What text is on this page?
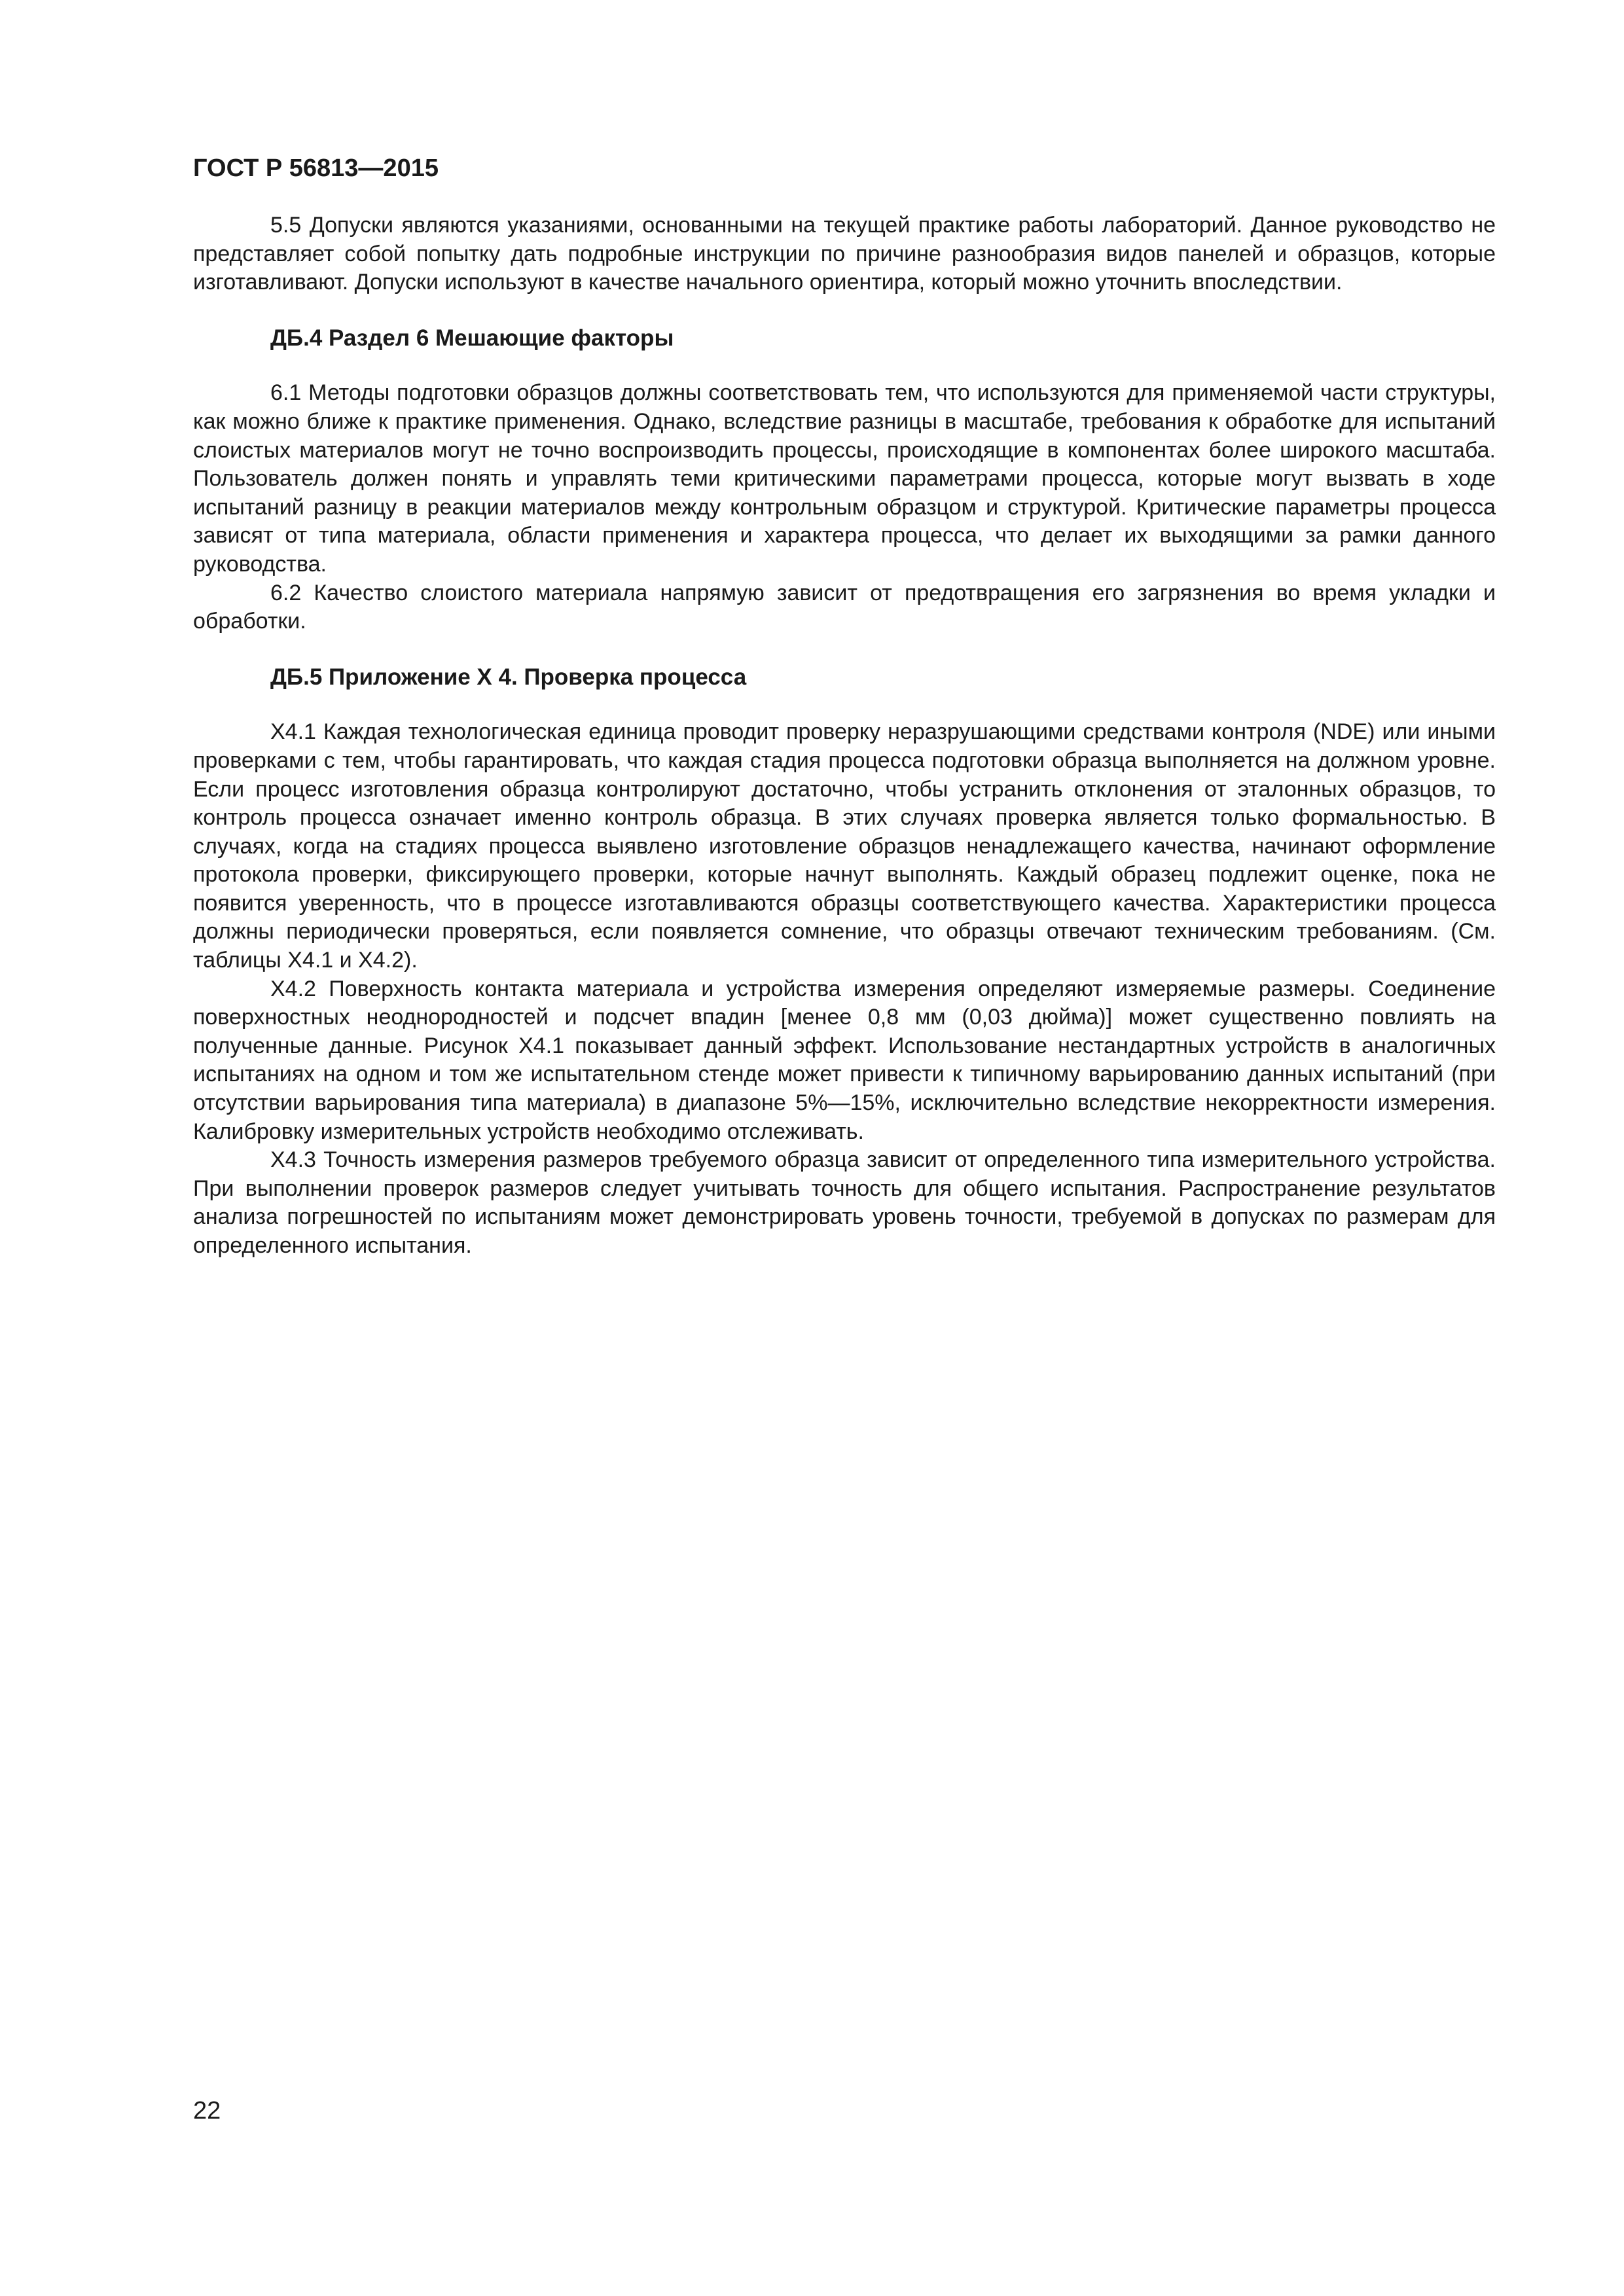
ГОСТ Р 56813—2015

5.5 Допуски являются указаниями, основанными на текущей практике работы лабораторий. Данное руководство не представляет собой попытку дать подробные инструкции по причине разнообразия видов панелей и образцов, которые изготавливают. Допуски используют в качестве начального ориентира, который можно уточнить впоследствии.

ДБ.4 Раздел 6 Мешающие факторы

6.1 Методы подготовки образцов должны соответствовать тем, что используются для применяемой части структуры, как можно ближе к практике применения. Однако, вследствие разницы в масштабе, требования к обработке для испытаний слоистых материалов могут не точно воспроизводить процессы, происходящие в компонентах более широкого масштаба. Пользователь должен понять и управлять теми критическими параметрами процесса, которые могут вызвать в ходе испытаний разницу в реакции материалов между контрольным образцом и структурой. Критические параметры процесса зависят от типа материала, области применения и характера процесса, что делает их выходящими за рамки данного руководства.

6.2 Качество слоистого материала напрямую зависит от предотвращения его загрязнения во время укладки и обработки.

ДБ.5 Приложение Х 4. Проверка процесса

Х4.1 Каждая технологическая единица проводит проверку неразрушающими средствами контроля (NDE) или иными проверками с тем, чтобы гарантировать, что каждая стадия процесса подготовки образца выполняется на должном уровне. Если процесс изготовления образца контролируют достаточно, чтобы устранить отклонения от эталонных образцов, то контроль процесса означает именно контроль образца. В этих случаях проверка является только формальностью. В случаях, когда на стадиях процесса выявлено изготовление образцов ненадлежащего качества, начинают оформление протокола проверки, фиксирующего проверки, которые начнут выполнять. Каждый образец подлежит оценке, пока не появится уверенность, что в процессе изготавливаются образцы соответствующего качества. Характеристики процесса должны периодически проверяться, если появляется сомнение, что образцы отвечают техническим требованиям. (См. таблицы Х4.1 и Х4.2).

Х4.2 Поверхность контакта материала и устройства измерения определяют измеряемые размеры. Соединение поверхностных неоднородностей и подсчет впадин [менее 0,8 мм (0,03 дюйма)] может существенно повлиять на полученные данные. Рисунок Х4.1 показывает данный эффект. Использование нестандартных устройств в аналогичных испытаниях на одном и том же испытательном стенде может привести к типичному варьированию данных испытаний (при отсутствии варьирования типа материала) в диапазоне 5%—15%, исключительно вследствие некорректности измерения. Калибровку измерительных устройств необходимо отслеживать.

Х4.3 Точность измерения размеров требуемого образца зависит от определенного типа измерительного устройства. При выполнении проверок размеров следует учитывать точность для общего испытания. Распространение результатов анализа погрешностей по испытаниям может демонстрировать уровень точности, требуемой в допусках по размерам для определенного испытания.

22
